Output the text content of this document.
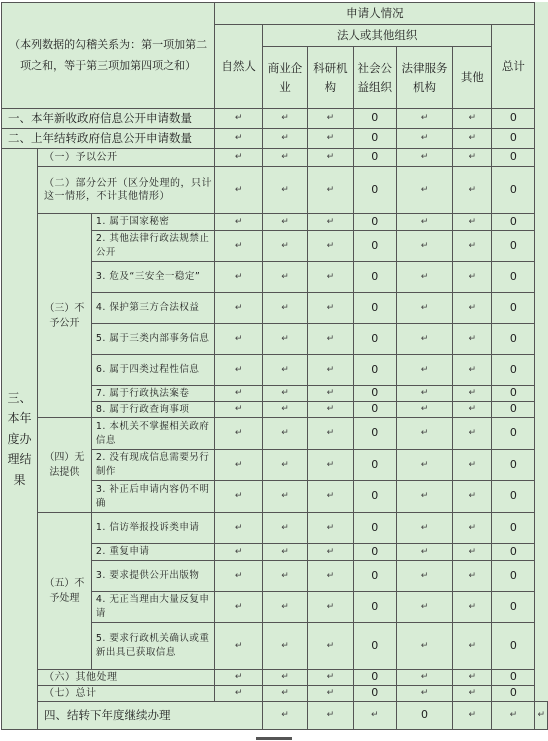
（本列数据的勾稽关系为：第一项加第二项之和，等于第三项加第四项之和）			申请人情况							
			自然人	法人或其他组织					总计	
				商业企业	科研机构	社会公益组织	法律服务机构	其他		
一、本年新收政府信息公开申请数量			↵	↵	↵	0	↵	↵	0	
二、上年结转政府信息公开申请数量			↵	↵	↵	0	↵	↵	0	
三、本年度办理结果	（一）予以公开		↵	↵	↵	0	↵	↵	0	
	（二）部分公开（区分处理的，只计这一情形，不计其他情形）		↵	↵	↵	0	↵	↵	0	
	（三）不予公开	1. 属于国家秘密	↵	↵	↵	0	↵	↵	0	
		2. 其他法律行政法规禁止公开	↵	↵	↵	0	↵	↵	0	
		3. 危及“三安全一稳定”	↵	↵	↵	0	↵	↵	0	
		4. 保护第三方合法权益	↵	↵	↵	0	↵	↵	0	
		5. 属于三类内部事务信息	↵	↵	↵	0	↵	↵	0	
		6. 属于四类过程性信息	↵	↵	↵	0	↵	↵	0	
		7. 属于行政执法案卷	↵	↵	↵	0	↵	↵	0	
		8. 属于行政查询事项	↵	↵	↵	0	↵	↵	0	
	（四）无法提供	1. 本机关不掌握相关政府信息	↵	↵	↵	0	↵	↵	0	
		2. 没有现成信息需要另行制作	↵	↵	↵	0	↵	↵	0	
		3. 补正后申请内容仍不明确	↵	↵	↵	0	↵	↵	0	
	（五）不予处理	1. 信访举报投诉类申请	↵	↵	↵	0	↵	↵	0	
		2. 重复申请	↵	↵	↵	0	↵	↵	0	
		3. 要求提供公开出版物	↵	↵	↵	0	↵	↵	0	
		4. 无正当理由大量反复申请	↵	↵	↵	0	↵	↵	0	
		5. 要求行政机关确认或重新出具已获取信息	↵	↵	↵	0	↵	↵	0	
	（六）其他处理		↵	↵	↵	0	↵	↵	0	
	（七）总计		↵	↵	↵	0	↵	↵	0	
	四、结转下年度继续办理			↵	↵	↵	0	↵	↵	↵
